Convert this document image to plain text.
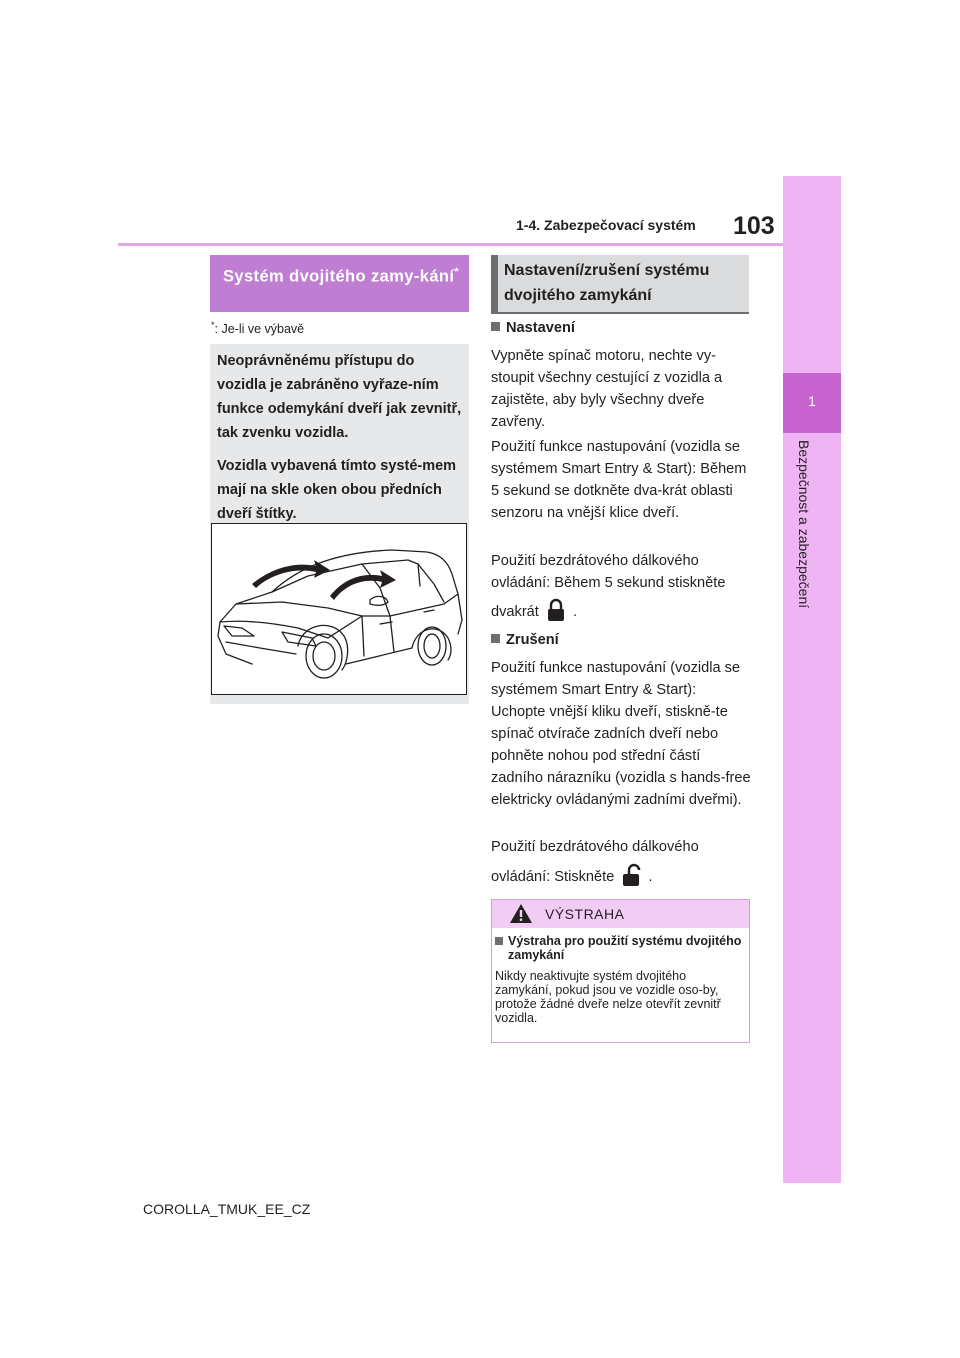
1-4. Zabezpečovací systém 103
1
Bezpečnost a zabezpečení
Systém dvojitého zamy-kání*
*: Je-li ve výbavě

Neoprávněnému přístupu do vozidla je zabráněno vyřaze-ním funkce odemykání dveří jak zevnitř, tak zvenku vozidla.

Vozidla vybavená tímto systé-mem mají na skle oken obou předních dveří štítky.

Nastavení/zrušení systému dvojitého zamykání
Nastavení
Vypněte spínač motoru, nechte vy-stoupit všechny cestující z vozidla a zajistěte, aby byly všechny dveře zavřeny.
Použití funkce nastupování (vozidla se systémem Smart Entry & Start): Během 5 sekund se dotkněte dva-krát oblasti senzoru na vnější klice dveří.
Použití bezdrátového dálkového ovládání: Během 5 sekund stiskněte
dvakrát .
Zrušení
Použití funkce nastupování (vozidla se systémem Smart Entry & Start): Uchopte vnější kliku dveří, stiskně-te spínač otvírače zadních dveří nebo pohněte nohou pod střední částí zadního nárazníku (vozidla s hands-free elektricky ovládanými zadními dveřmi).
Použití bezdrátového dálkového
ovládání: Stiskněte .
VÝSTRAHA
Výstraha pro použití systému dvojitého zamykání
Nikdy neaktivujte systém dvojitého zamykání, pokud jsou ve vozidle oso-by, protože žádné dveře nelze otevřít zevnitř vozidla.
COROLLA_TMUK_EE_CZ
